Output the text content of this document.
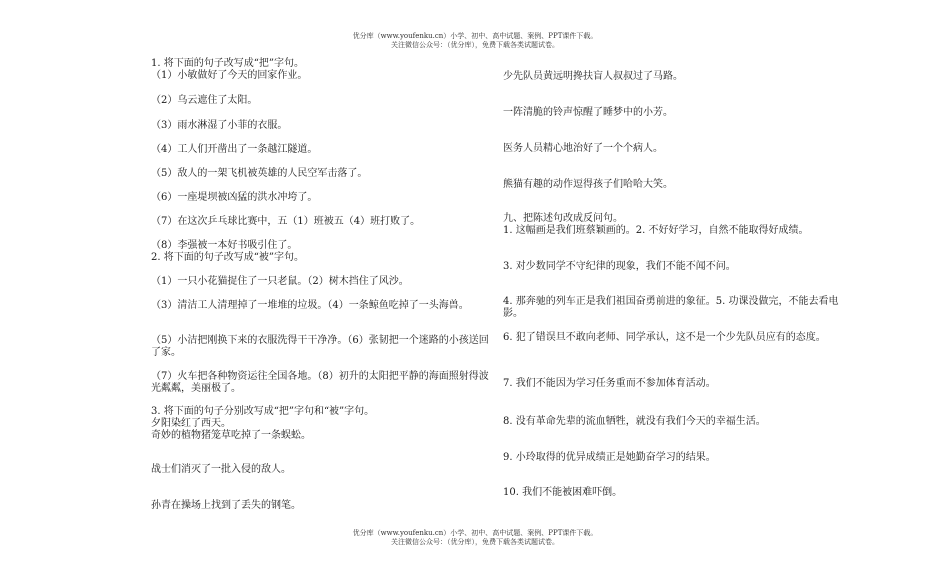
优分库（www.youfenku.cn）小学、初中、高中试题、案例、PPT课件下载。
关注微信公众号：（优分库），免费下载各类试题试卷。
1. 将下面的句子改写成“把”字句。
（1）小敏做好了今天的回家作业。
（2）乌云遮住了太阳。
（3）雨水淋湿了小菲的衣服。
（4）工人们开凿出了一条越江隧道。
（5）敌人的一架飞机被英雄的人民空军击落了。
（6）一座堤坝被凶猛的洪水冲垮了。
（7）在这次乒乓球比赛中，五（1）班被五（4）班打败了。
（8）李强被一本好书吸引住了。
2. 将下面的句子改写成“被”字句。
（1）一只小花猫捉住了一只老鼠。（2）树木挡住了风沙。
（3）清洁工人清理掉了一堆堆的垃圾。（4）一条鲸鱼吃掉了一头海兽。
（5）小洁把刚换下来的衣服洗得干干净净。（6）张韧把一个迷路的小孩送回了家。
（7）火车把各种物资运往全国各地。（8）初升的太阳把平静的海面照射得波光粼粼，美丽极了。
3. 将下面的句子分别改写成“把”字句和“被”字句。
夕阳染红了西天。
奇妙的植物猪笼草吃掉了一条蜈蚣。
战士们消灭了一批入侵的敌人。
孙青在操场上找到了丢失的钢笔。
少先队员黄远明搀扶盲人叔叔过了马路。
一阵清脆的铃声惊醒了睡梦中的小芳。
医务人员精心地治好了一个个病人。
熊猫有趣的动作逗得孩子们哈哈大笑。
九、把陈述句改成反问句。
1. 这幅画是我们班蔡颖画的。2. 不好好学习，自然不能取得好成绩。
3. 对少数同学不守纪律的现象，我们不能不闻不问。
4. 那奔驰的列车正是我们祖国奋勇前进的象征。5. 功课没做完，不能去看电影。
6. 犯了错误旦不敢向老师、同学承认，这不是一个少先队员应有的态度。
7. 我们不能因为学习任务重而不参加体育活动。
8. 没有革命先辈的流血牺牲，就没有我们今天的幸福生活。
9. 小玲取得的优异成绩正是她勤奋学习的结果。
10. 我们不能被困难吓倒。
优分库（www.youfenku.cn）小学、初中、高中试题、案例、PPT课件下载。
关注微信公众号：（优分库），免费下载各类试题试卷。
